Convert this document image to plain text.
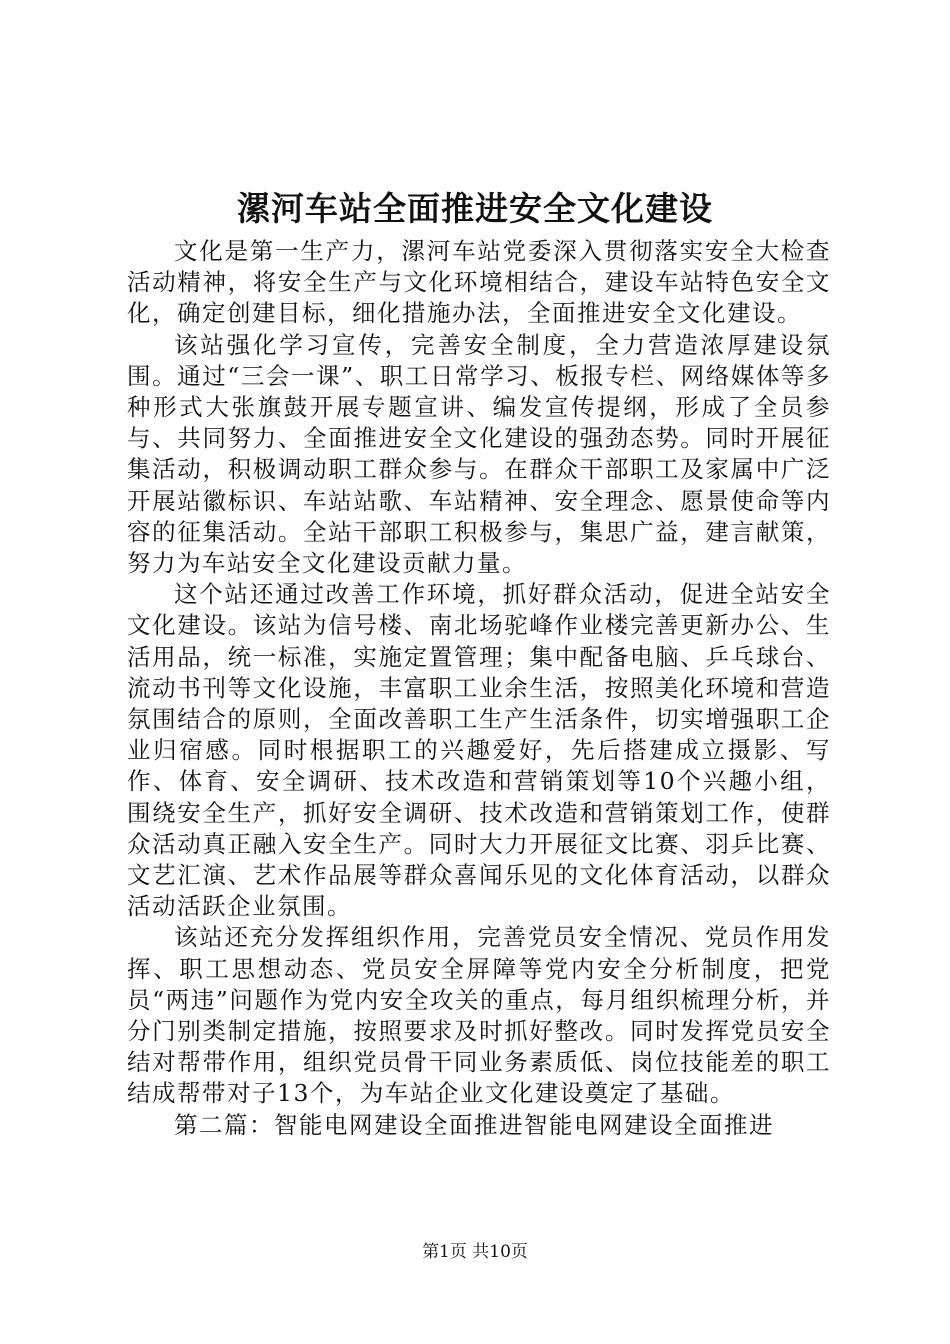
漯河车站全面推进安全文化建设

文化是第一生产力，漯河车站党委深入贯彻落实安全大检查活动精神，将安全生产与文化环境相结合，建设车站特色安全文化，确定创建目标，细化措施办法，全面推进安全文化建设。

该站强化学习宣传，完善安全制度，全力营造浓厚建设氛围。通过“三会一课”、职工日常学习、板报专栏、网络媒体等多种形式大张旗鼓开展专题宣讲、编发宣传提纲，形成了全员参与、共同努力、全面推进安全文化建设的强劲态势。同时开展征集活动，积极调动职工群众参与。在群众干部职工及家属中广泛开展站徽标识、车站站歌、车站精神、安全理念、愿景使命等内容的征集活动。全站干部职工积极参与，集思广益，建言献策，努力为车站安全文化建设贡献力量。

这个站还通过改善工作环境，抓好群众活动，促进全站安全文化建设。该站为信号楼、南北场驼峰作业楼完善更新办公、生活用品，统一标准，实施定置管理；集中配备电脑、乒乓球台、流动书刊等文化设施，丰富职工业余生活，按照美化环境和营造氛围结合的原则，全面改善职工生产生活条件，切实增强职工企业归宿感。同时根据职工的兴趣爱好，先后搭建成立摄影、写作、体育、安全调研、技术改造和营销策划等10个兴趣小组，围绕安全生产，抓好安全调研、技术改造和营销策划工作，使群众活动真正融入安全生产。同时大力开展征文比赛、羽乒比赛、文艺汇演、艺术作品展等群众喜闻乐见的文化体育活动，以群众活动活跃企业氛围。

该站还充分发挥组织作用，完善党员安全情况、党员作用发挥、职工思想动态、党员安全屏障等党内安全分析制度，把党员“两违”问题作为党内安全攻关的重点，每月组织梳理分析，并分门别类制定措施，按照要求及时抓好整改。同时发挥党员安全结对帮带作用，组织党员骨干同业务素质低、岗位技能差的职工结成帮带对子13个，为车站企业文化建设奠定了基础。

第二篇：智能电网建设全面推进智能电网建设全面推进

第1页 共10页
